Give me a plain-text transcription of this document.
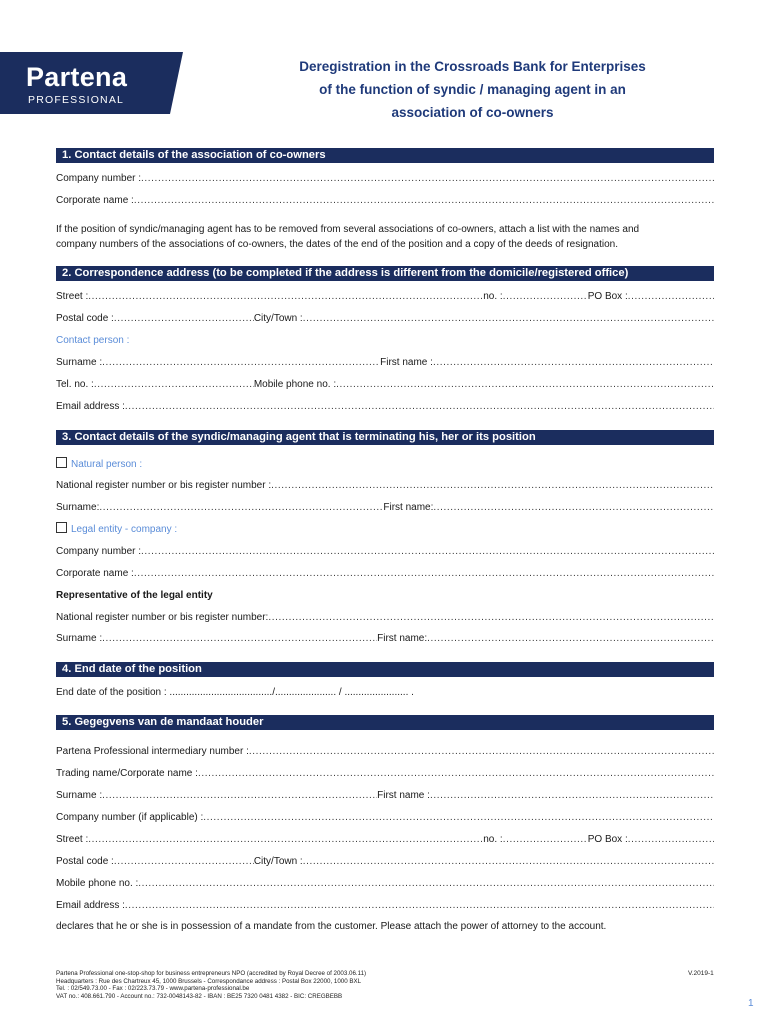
Partena
PROFESSIONAL
Deregistration in the Crossroads Bank for Enterprises
of the function of syndic / managing agent in an
association of co-owners
1. Contact details of the association of co-owners
Company number :
.....
Corporate name :
.....
If the position of syndic/managing agent has to be removed from several associations of co-owners, attach a list with the names and
company numbers of the associations of co-owners, the dates of the end of the position and a copy of the deeds of resignation.
2. Correspondence address (to be completed if the address is different from the domicile/registered office)
Street : .....	no. : .....	PO Box :
.....
Postal code : .....	City/Town :
.....
Contact person :
Surname : .....	First name :
.....
Tel. no. : .....	Mobile phone no. :
.....
Email address :
.....
3. Contact details of the syndic/managing agent that is terminating his, her or its position
Natural person :
National register number or bis register number :
.....
Surname: .....	First name:
.....
Legal entity - company :
Company number :
.....
Corporate name :
.....
Representative of the legal entity
National register number or bis register number:
.....
Surname : .....	First name:
.....
4. End date of the position
End date of the position : ...................................../...................... / ....................... .
5. Gegegvens van de mandaat houder
Partena Professional intermediary number :
.....
Trading name/Corporate name :
.....
Surname : .....	First name :
.....
Company number (if applicable) :
.....
Street : .....	no. : .....	PO Box :
.....
Postal code : .....	City/Town :
.....
Mobile phone no. :
.....
Email address :
.....
declares that he or she is in possession of a mandate from the customer. Please attach the power of attorney to the account.
Partena Professional one-stop-shop for business entrepreneurs NPO (accredited by Royal Decree of 2003.06.11)
Headquarters : Rue des Chartreux 45, 1000 Brussels - Correspondance address : Postal Box 22000, 1000 BXL
Tel. : 02/549.73.00 - Fax : 02/223.73.79 - www.partena-professional.be
VAT no.: 408.661.790 - Account no.: 732-0048143-82 - IBAN : BE25 7320 0481 4382 - BIC: CREGBEBB
V.2019-1
1
